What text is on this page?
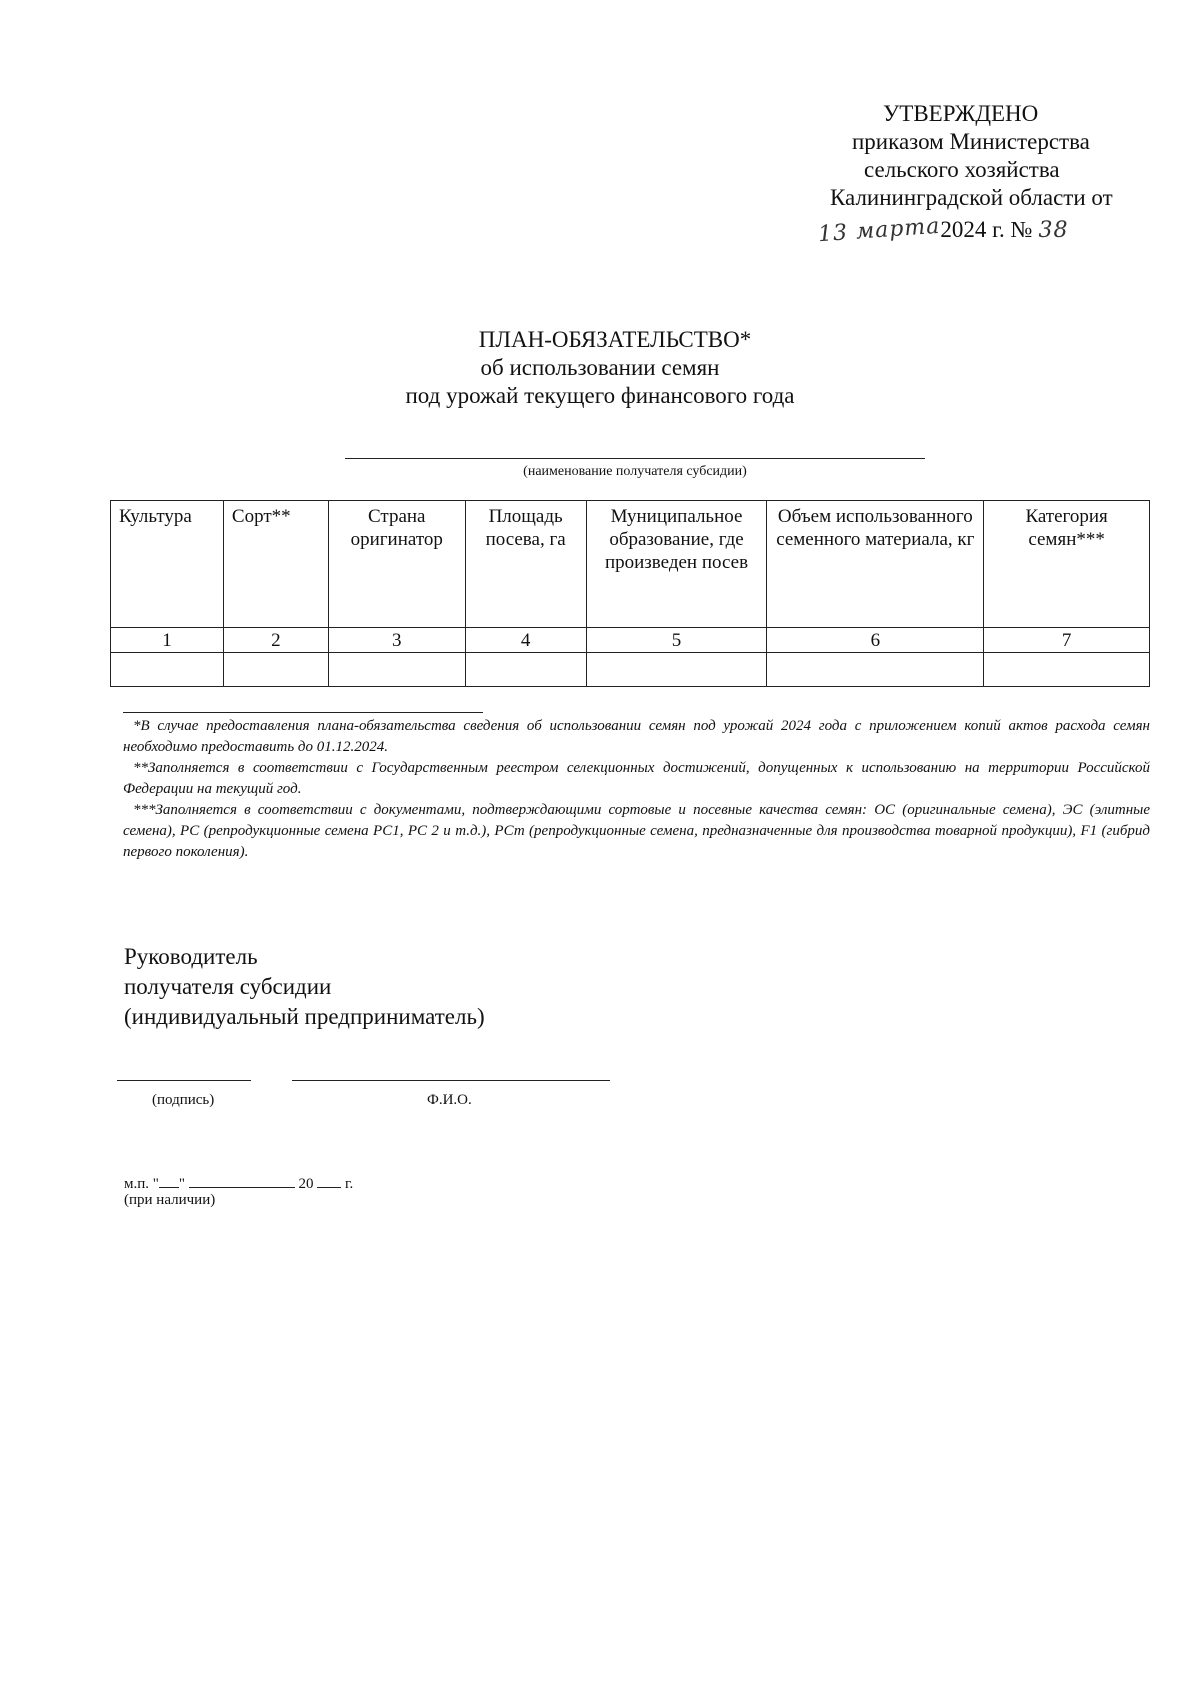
УТВЕРЖДЕНО
приказом Министерства
сельского хозяйства
Калининградской области от
13 марта 2024 г. № 38
ПЛАН-ОБЯЗАТЕЛЬСТВО*
об использовании семян
под урожай текущего финансового года
(наименование получателя субсидии)
Культура	Сорт**	Страна оригинатор	Площадь посева, га	Муниципальное образование, где произведен посев	Объем использованного семенного материала, кг	Категория семян***
1	2	3	4	5	6	7

*В случае предоставления плана-обязательства сведения об использовании семян под урожай 2024 года с приложением копий актов расхода семян необходимо предоставить до 01.12.2024.

**Заполняется в соответствии с Государственным реестром селекционных достижений, допущенных к использованию на территории Российской Федерации на текущий год.

***Заполняется в соответствии с документами, подтверждающими сортовые и посевные качества семян: ОС (оригинальные семена), ЭС (элитные семена), РС (репродукционные семена РС1, РС 2 и т.д.), РСт (репродукционные семена, предназначенные для производства товарной продукции), F1 (гибрид первого поколения).

Руководитель
получателя субсидии
(индивидуальный предприниматель)
(подпись)	Ф.И.О.
м.п. " "	20 г.
(при наличии)
